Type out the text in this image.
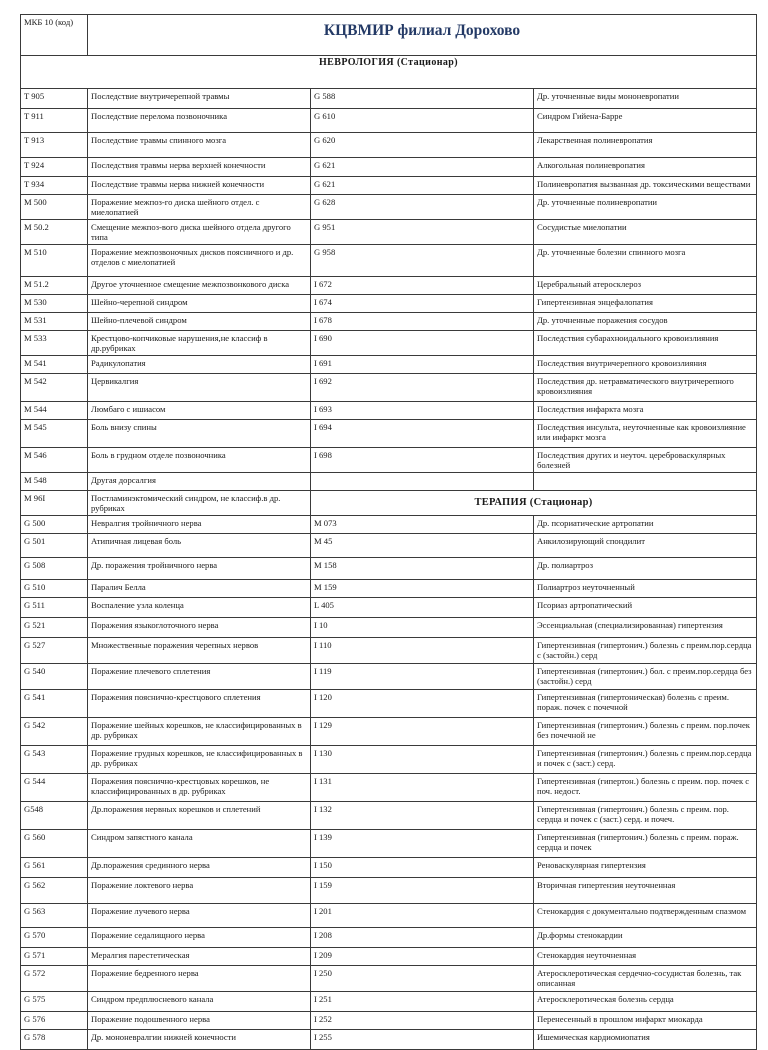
МКБ 10 (код)	КЦВМИР филиал Дорохово		
НЕВРОЛОГИЯ (Стационар)			
T 905	Последствие внутричерепной травмы	G 588	Др. уточненные виды мононевропатии
T 911	Последствие перелома позвоночника	G 610	Синдром Гийена-Барре
T 913	Последствие травмы спинного мозга	G 620	Лекарственная полиневропатия
T 924	Последствия травмы нерва верхней конечности	G 621	Алкогольная полиневропатия
T 934	Последствие травмы нерва нижней конечности	G 621	Полиневропатия вызванная др. токсическими веществами
M 500	Поражение межпоз-го диска шейного отдел. с миелопатией	G 628	Др. уточненные полиневропатии
M 50.2	Смещение межпоз-вого диска шейного отдела другого типа	G 951	Сосудистые миелопатии
M 510	Поражение межпозвоночных дисков поясничного и др. отделов с миелопатией	G 958	Др. уточненные болезни спинного мозга
M 51.2	Другое уточненное смещение межпозвонкового диска	I 672	Церебральный атеросклероз
M 530	Шейно-черепной синдром	I 674	Гипертензивная энцефалопатия
M 531	Шейно-плечевой синдром	I 678	Др. уточненные поражения сосудов
M 533	Крестцово-копчиковые нарушения,не классиф в др.рубриках	I 690	Последствия субарахноидального кровоизлияния
M 541	Радикулопатия	I 691	Последствия внутричерепного кровоизлияния
M 542	Цервикалгия	I 692	Последствия др. нетравматического внутричерепного кровоизлияния
M 544	Люмбаго с ишиасом	I 693	Последствия инфаркта мозга
M 545	Боль внизу спины	I 694	Последствия инсульта, неуточненные как кровоизлияние или инфаркт мозга
M 546	Боль в грудном отделе позвоночника	I 698	Последствия других и неуточ. цереброваскулярных болезней
M 548	Другая дорсалгия		
M 96I	Постламинэктомический синдром, не классиф.в др. рубриках	ТЕРАПИЯ (Стационар)	
G 500	Невралгия тройничного нерва	M 073	Др. псориатические артропатии
G 501	Атипичная лицевая боль	M 45	Анкилозирующий спондилит
G 508	Др. поражения тройничного нерва	M 158	Др. полиартроз
G 510	Паралич Белла	M 159	Полиартроз неуточненный
G 511	Воспаление узла коленца	L 405	Псориаз артропатический
G 521	Поражения языкоглоточного нерва	I 10	Эссенциальная (специализированная) гипертензия
G 527	Множественные поражения черепных нервов	I 110	Гипертензивная (гипертонич.) болезнь с преим.пор.сердца с (застойн.) серд
G 540	Поражение плечевого сплетения	I 119	Гипертензивная (гипертонич.) бол. с преим.пор.сердца без (застойн.) серд
G 541	Поражения пояснично-крестцового сплетения	I 120	Гипертензивная (гипертоническая) болезнь с преим. пораж. почек с почечной
G 542	Поражение шейных корешков, не классифицированных в др. рубриках	I 129	Гипертензивная (гипертонич.) болезнь с преим. пор.почек без почечной не
G 543	Поражение грудных корешков, не классифицированных в др. рубриках	I 130	Гипертензивная (гипертонич.) болезнь с преим.пор.сердца и почек с (заст.) серд.
G 544	Поражения пояснично-крестцовых корешков, не классифицированных в др. рубриках	I 131	Гипертензивная (гипертон.) болезнь с преим. пор. почек с поч. недост.
G548	Др.поражения нервных корешков и сплетений	I 132	Гипертензивная (гипертонич.) болезнь с преим. пор. сердца и почек с (заст.) серд. и почеч.
G 560	Синдром запястного канала	I 139	Гипертензивная (гипертонич.) болезнь с преим. пораж. сердца и почек
G 561	Др.поражения срединного нерва	I 150	Реноваскулярная гипертензия
G 562	Поражение локтевого нерва	I 159	Вторичная гипертензия неуточненная
G 563	Поражение лучевого нерва	I 201	Стенокардия с документально подтвержденным спазмом
G 570	Поражение седалищного нерва	I 208	Др.формы стенокардии
G 571	Мералгия парестетическая	I 209	Стенокардия неуточненная
G 572	Поражение бедренного нерва	I 250	Атеросклеротическая сердечно-сосудистая болезнь, так описанная
G 575	Синдром предплюсневого канала	I 251	Атеросклеротическая болезнь сердца
G 576	Поражение подошвенного нерва	I 252	Перенесенный в прошлом инфаркт миокарда
G 578	Др. мононевралгии нижней конечности	I 255	Ишемическая кардиомиопатия
